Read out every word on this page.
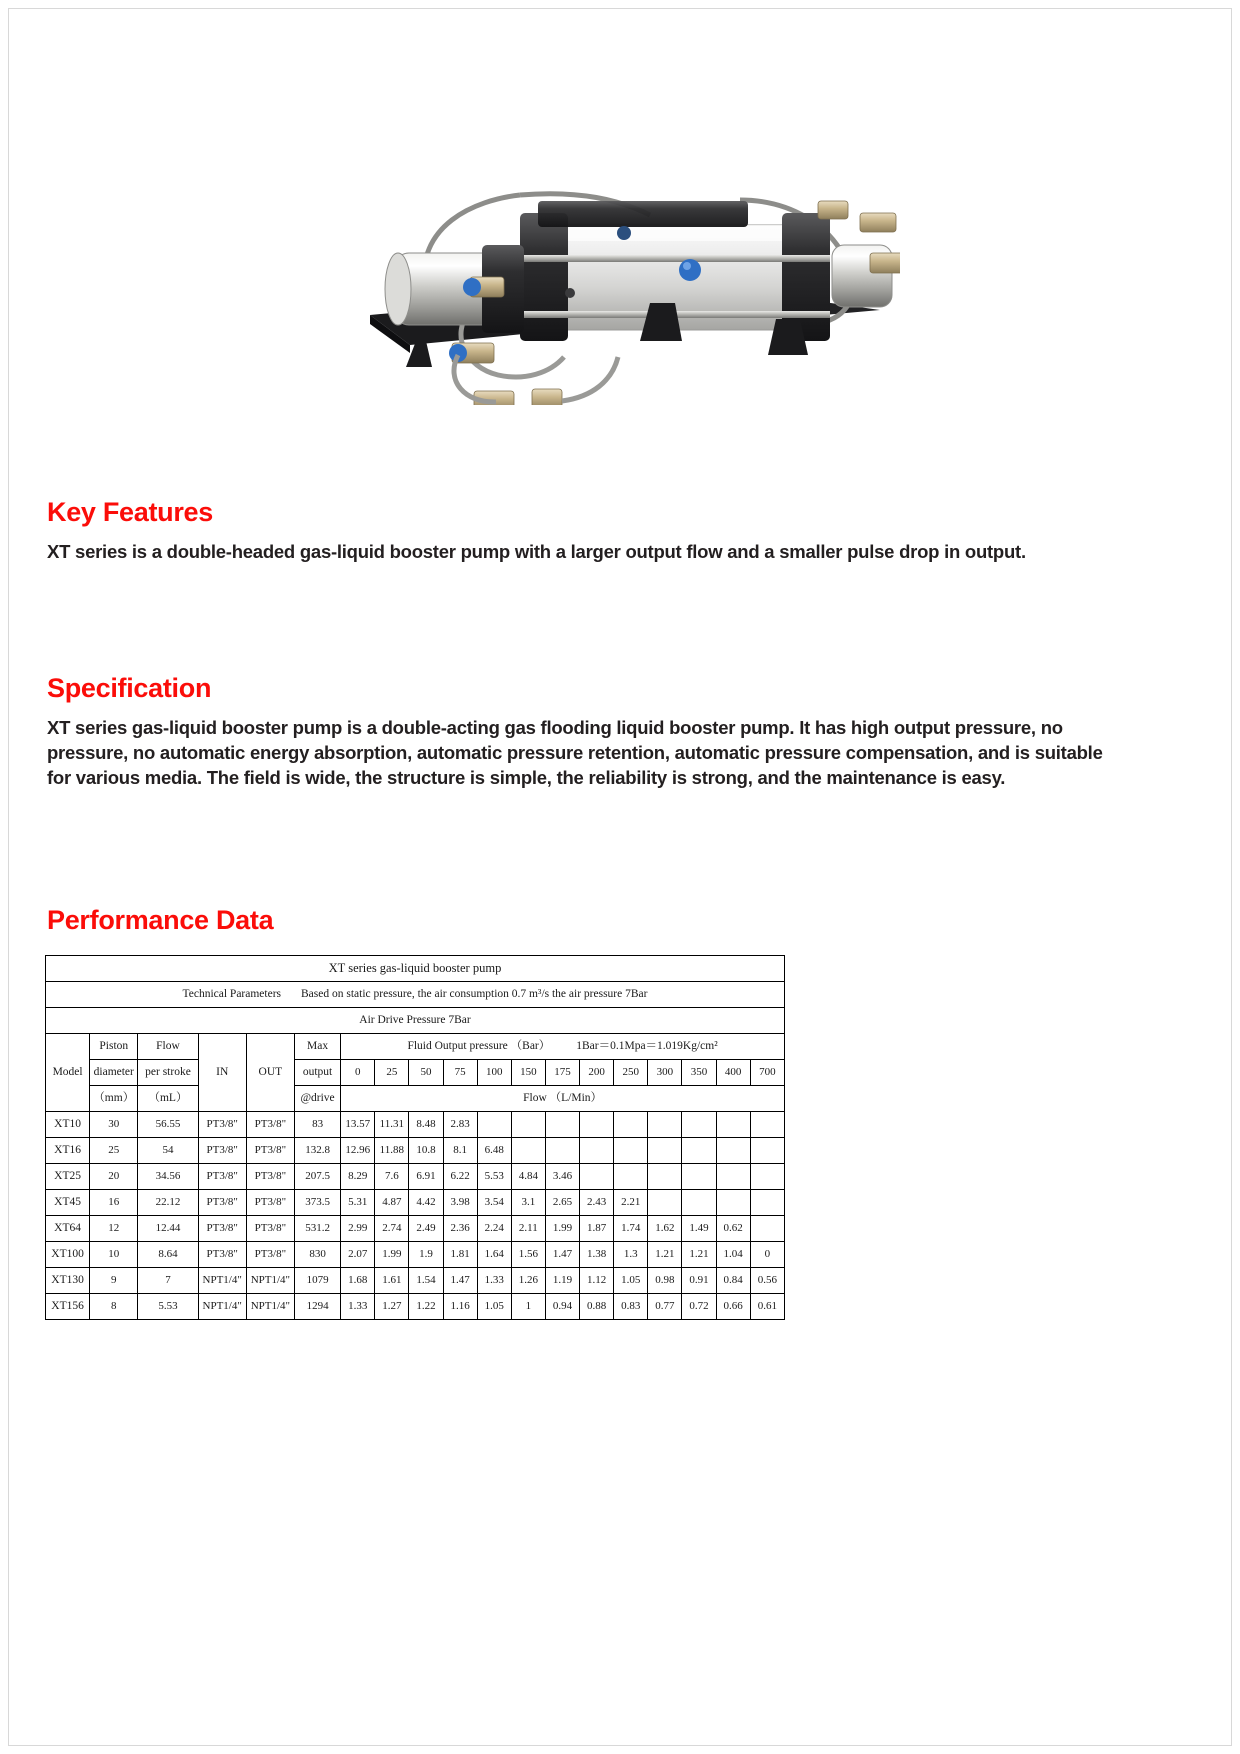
Key Features
XT series is a double-headed gas-liquid booster pump with a larger output flow and a smaller pulse drop in output.
Specification
XT series gas-liquid booster pump is a double-acting gas flooding liquid booster pump. It has high output pressure, no pressure, no automatic energy absorption, automatic pressure retention, automatic pressure compensation, and is suitable for various media. The field is wide, the structure is simple, the reliability is strong, and the maintenance is easy.
Performance Data
XT series gas-liquid booster pump																		
Technical Parameters Based on static pressure, the air consumption 0.7 m³/s the air pressure 7Bar																		
Air Drive Pressure 7Bar																		
Model	Piston	Flow	IN	OUT	Max	Fluid Output pressure （Bar） 1Bar＝0.1Mpa＝1.019Kg/cm²												
	diameter	per stroke			output	0	25	50	75	100	150	175	200	250	300	350	400	700
	（mm）	（mL）			@drive	Flow （L/Min）												
XT10	30	56.55	PT3/8"	PT3/8"	83	13.57	11.31	8.48	2.83									
XT16	25	54	PT3/8"	PT3/8"	132.8	12.96	11.88	10.8	8.1	6.48								
XT25	20	34.56	PT3/8"	PT3/8"	207.5	8.29	7.6	6.91	6.22	5.53	4.84	3.46						
XT45	16	22.12	PT3/8"	PT3/8"	373.5	5.31	4.87	4.42	3.98	3.54	3.1	2.65	2.43	2.21				
XT64	12	12.44	PT3/8"	PT3/8"	531.2	2.99	2.74	2.49	2.36	2.24	2.11	1.99	1.87	1.74	1.62	1.49	0.62	
XT100	10	8.64	PT3/8"	PT3/8"	830	2.07	1.99	1.9	1.81	1.64	1.56	1.47	1.38	1.3	1.21	1.21	1.04	0
XT130	9	7	NPT1/4"	NPT1/4"	1079	1.68	1.61	1.54	1.47	1.33	1.26	1.19	1.12	1.05	0.98	0.91	0.84	0.56
XT156	8	5.53	NPT1/4"	NPT1/4"	1294	1.33	1.27	1.22	1.16	1.05	1	0.94	0.88	0.83	0.77	0.72	0.66	0.61
